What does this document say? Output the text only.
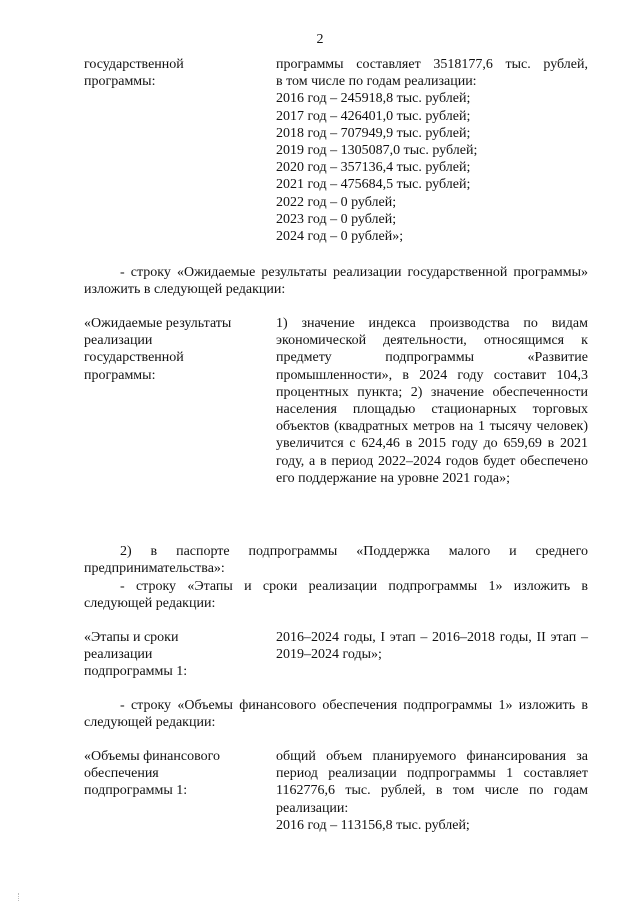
2
государственной
программы:
программы составляет 3518177,6 тыс. рублей,
в том числе по годам реализации:
2016 год – 245918,8 тыс. рублей;
2017 год – 426401,0 тыс. рублей;
2018 год – 707949,9 тыс. рублей;
2019 год – 1305087,0 тыс. рублей;
2020 год – 357136,4 тыс. рублей;
2021 год – 475684,5 тыс. рублей;
2022 год – 0 рублей;
2023 год – 0 рублей;
2024 год – 0 рублей»;
- строку «Ожидаемые результаты реализации государственной программы» изложить в следующей редакции:
«Ожидаемые результаты
реализации
государственной
программы:
1) значение индекса производства по видам экономической деятельности, относящимся к предмету подпрограммы «Развитие промышленности», в 2024 году составит 104,3 процентных пункта; 2) значение обеспеченности населения площадью стационарных торговых объектов (квадратных метров на 1 тысячу человек) увеличится с 624,46 в 2015 году до 659,69 в 2021 году, а в период 2022–2024 годов будет обеспечено его поддержание на уровне 2021 года»;
2) в паспорте подпрограммы «Поддержка малого и среднего предпринимательства»:
- строку «Этапы и сроки реализации подпрограммы 1» изложить в следующей редакции:
«Этапы и сроки
реализации
подпрограммы 1:
2016–2024 годы, I этап – 2016–2018 годы, II этап – 2019–2024 годы»;
- строку «Объемы финансового обеспечения подпрограммы 1» изложить в следующей редакции:
«Объемы финансового
обеспечения
подпрограммы 1:
общий объем планируемого финансирования за период реализации подпрограммы 1 составляет 1162776,6 тыс. рублей, в том числе по годам реализации:
2016 год – 113156,8 тыс. рублей;
